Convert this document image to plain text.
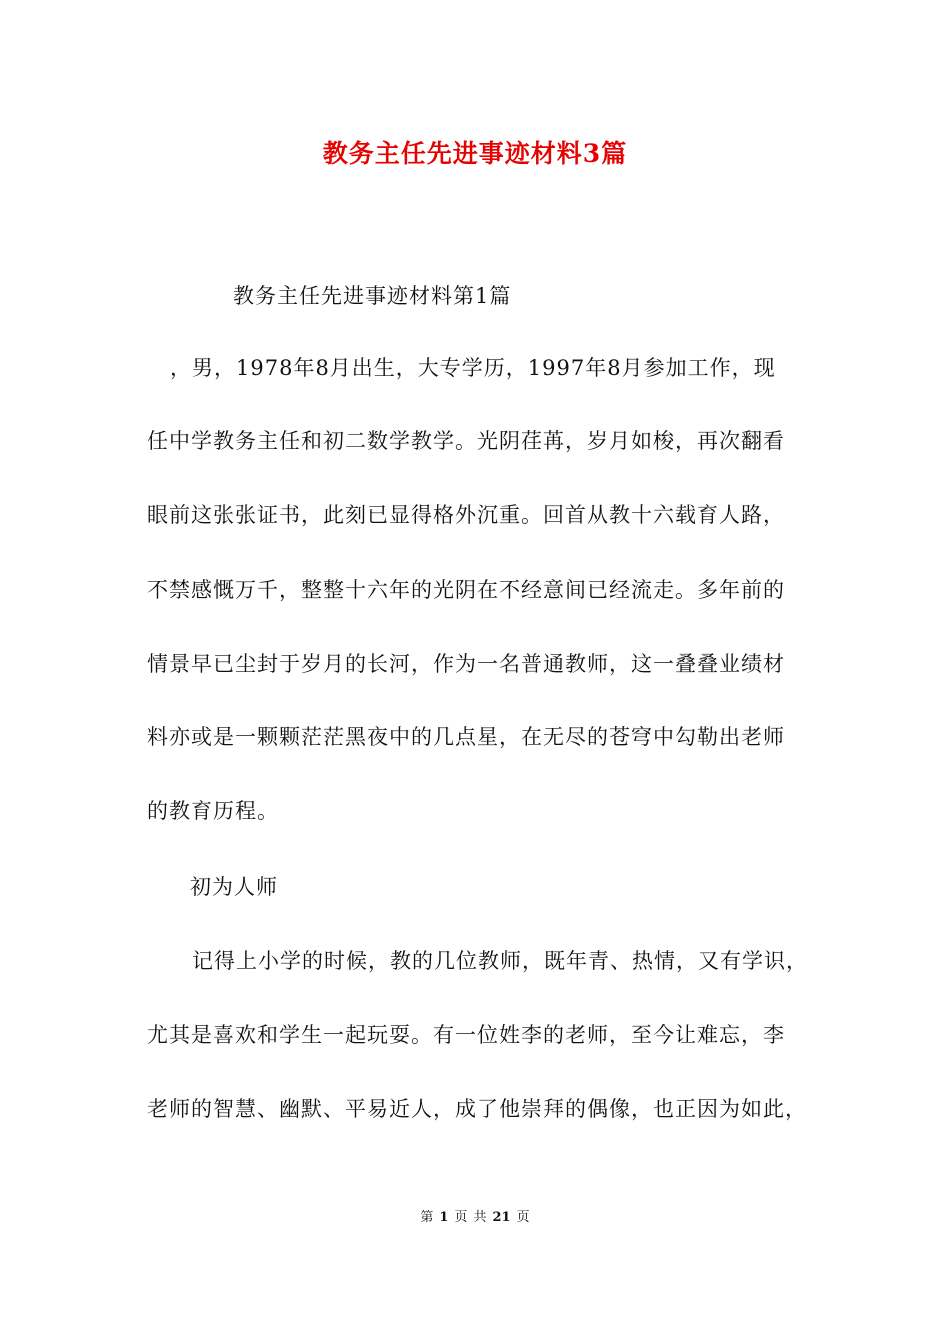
教务主任先进事迹材料3篇
教务主任先进事迹材料第1篇
，男，1978年8月出生，大专学历，1997年8月参加工作，现
任中学教务主任和初二数学教学。光阴荏苒，岁月如梭，再次翻看
眼前这张张证书，此刻已显得格外沉重。回首从教十六载育人路，
不禁感慨万千，整整十六年的光阴在不经意间已经流走。多年前的
情景早已尘封于岁月的长河，作为一名普通教师，这一叠叠业绩材
料亦或是一颗颗茫茫黑夜中的几点星，在无尽的苍穹中勾勒出老师
的教育历程。
初为人师
记得上小学的时候，教的几位教师，既年青、热情，又有学识，
尤其是喜欢和学生一起玩耍。有一位姓李的老师，至今让难忘，李
老师的智慧、幽默、平易近人，成了他崇拜的偶像，也正因为如此，
第 1 页 共 21 页
